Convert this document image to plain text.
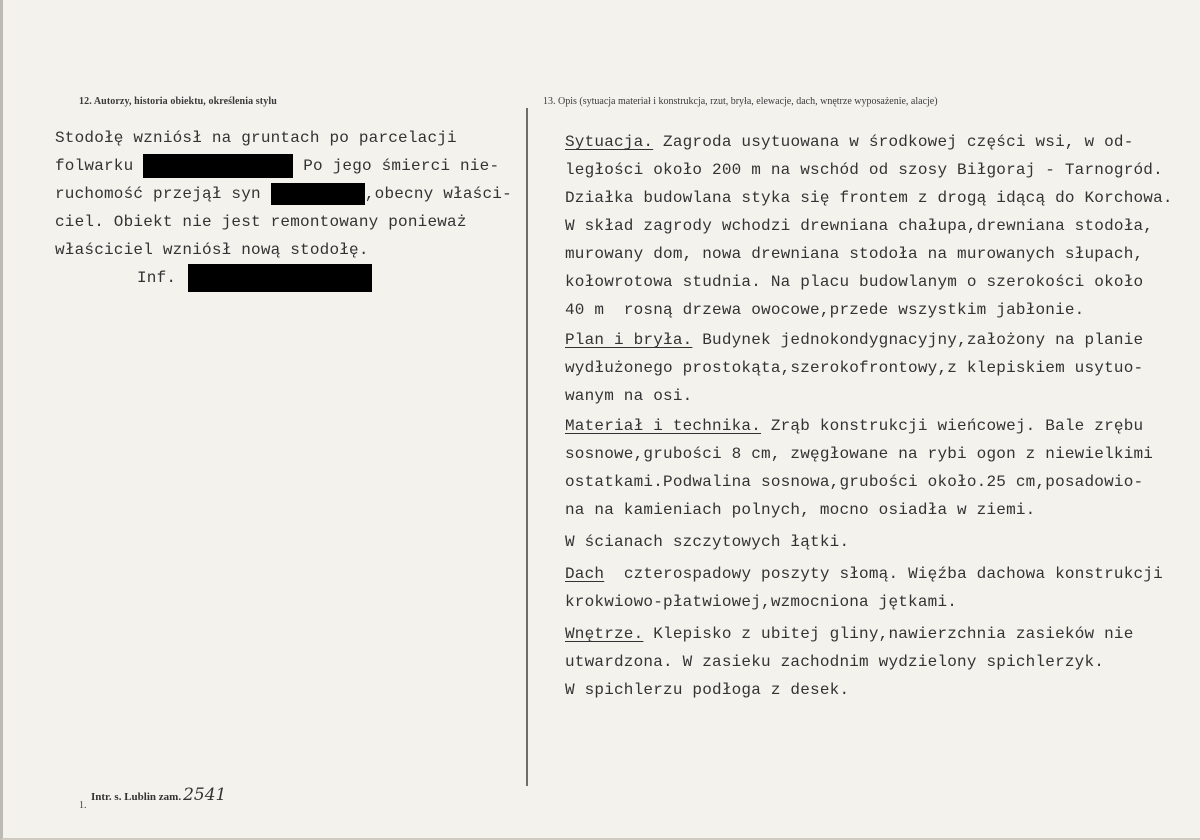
12. Autorzy, historia obiektu, określenia stylu	13. Opis (sytuacja materiał i konstrukcja, rzut, bryła, elewacje, dach, wnętrze wyposażenie, alacje)
Stodołę wzniósł na gruntach po parcelacji
folwarku	Po jego śmierci nie-
ruchomość przejął syn	,obecny właści-
ciel. Obiekt nie jest remontowany ponieważ
właściciel wzniósł nową stodołę.
Inf.
Sytuacja. Zagroda usytuowana w środkowej części wsi, w od-
ległości około 200 m na wschód od szosy Biłgoraj - Tarnogród.
Działka budowlana styka się frontem z drogą idącą do Korchowa.
W skład zagrody wchodzi drewniana chałupa,drewniana stodoła,
murowany dom, nowa drewniana stodoła na murowanych słupach,
kołowrotowa studnia. Na placu budowlanym o szerokości około
40 m  rosną drzewa owocowe,przede wszystkim jabłonie.
Plan i bryła. Budynek jednokondygnacyjny,założony na planie
wydłużonego prostokąta,szerokofrontowy,z klepiskiem usytuo-
wanym na osi.
Materiał i technika. Zrąb konstrukcji wieńcowej. Bale zrębu
sosnowe,grubości 8 cm, zwęgłowane na rybi ogon z niewielkimi
ostatkami.Podwalina sosnowa,grubości około.25 cm,posadowio-
na na kamieniach polnych, mocno osiadła w ziemi.
W ścianach szczytowych łątki.
Dach  czterospadowy poszyty słomą. Więźba dachowa konstrukcji
krokwiowo-płatwiowej,wzmocniona jętkami.
Wnętrze. Klepisko z ubitej gliny,nawierzchnia zasieków nie
utwardzona. W zasieku zachodnim wydzielony spichlerzyk.
W spichlerzu podłoga z desek.
Intr. s. Lublin zam. 2541
1.
